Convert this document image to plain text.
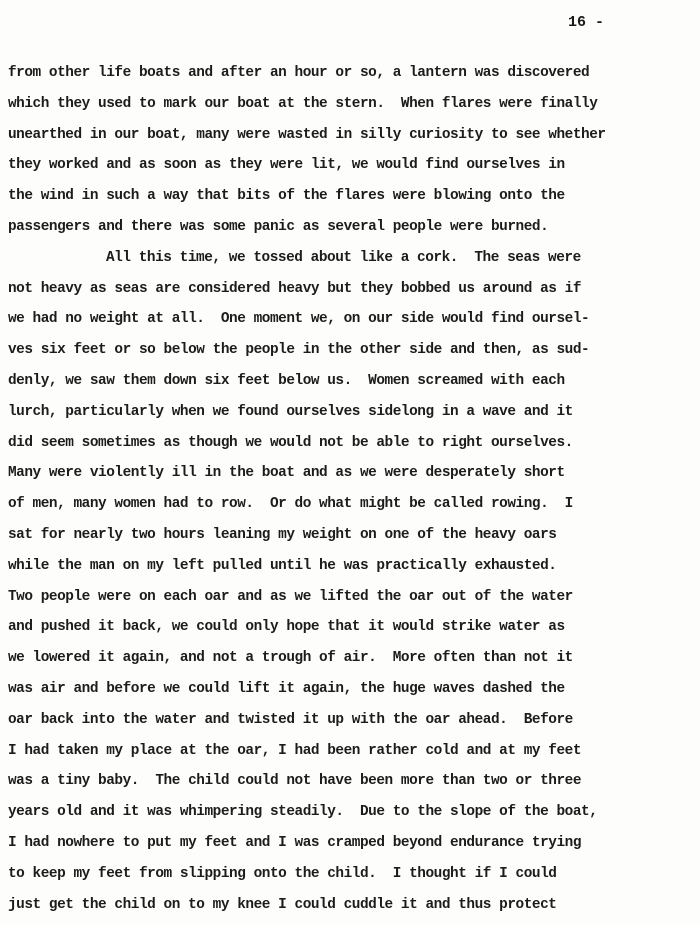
16 -
from other life boats and after an hour or so, a lantern was discovered
which they used to mark our boat at the stern.  When flares were finally
unearthed in our boat, many were wasted in silly curiosity to see whether
they worked and as soon as they were lit, we would find ourselves in
the wind in such a way that bits of the flares were blowing onto the
passengers and there was some panic as several people were burned.
All this time, we tossed about like a cork.  The seas were
not heavy as seas are considered heavy but they bobbed us around as if
we had no weight at all.  One moment we, on our side would find oursel-
ves six feet or so below the people in the other side and then, as sud-
denly, we saw them down six feet below us.  Women screamed with each
lurch, particularly when we found ourselves sidelong in a wave and it
did seem sometimes as though we would not be able to right ourselves.
Many were violently ill in the boat and as we were desperately short
of men, many women had to row.  Or do what might be called rowing.  I
sat for nearly two hours leaning my weight on one of the heavy oars
while the man on my left pulled until he was practically exhausted.
Two people were on each oar and as we lifted the oar out of the water
and pushed it back, we could only hope that it would strike water as
we lowered it again, and not a trough of air.  More often than not it
was air and before we could lift it again, the huge waves dashed the
oar back into the water and twisted it up with the oar ahead.  Before
I had taken my place at the oar, I had been rather cold and at my feet
was a tiny baby.  The child could not have been more than two or three
years old and it was whimpering steadily.  Due to the slope of the boat,
I had nowhere to put my feet and I was cramped beyond endurance trying
to keep my feet from slipping onto the child.  I thought if I could
just get the child on to my knee I could cuddle it and thus protect
